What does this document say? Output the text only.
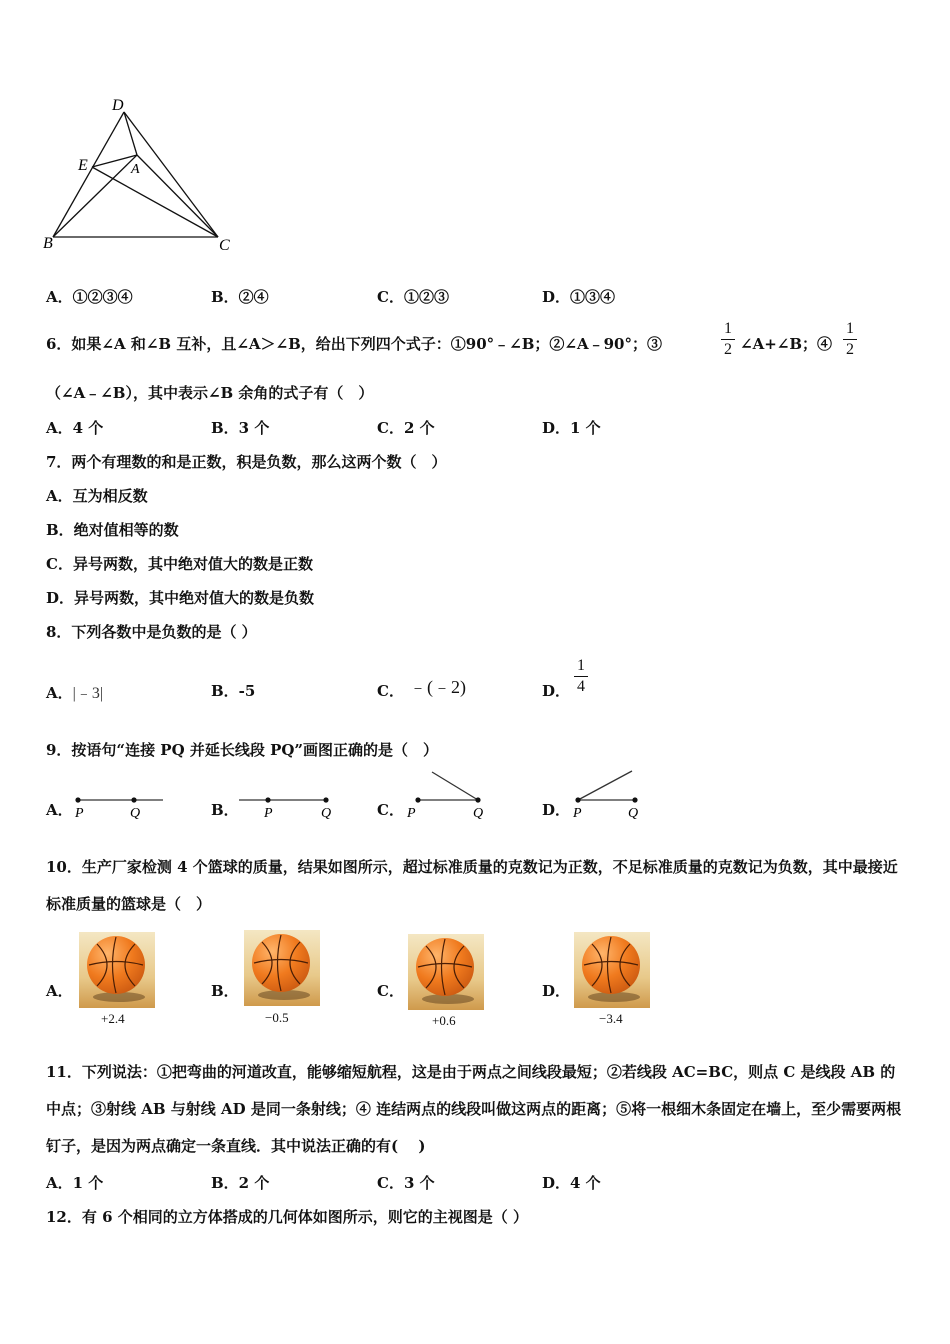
D
E	A
B	C
A．①②③④	B．②④	C．①②③	D．①③④
6．如果∠A 和∠B 互补，且∠A＞∠B，给出下列四个式子：①90°﹣∠B；②∠A﹣90°；③
1
2 ∠A+∠B；④
1
2
（∠A﹣∠B），其中表示∠B 余角的式子有（　）
A．4 个	B．3 个	C．2 个	D．1 个
7．两个有理数的和是正数，积是负数，那么这两个数（　）
A．互为相反数
B．绝对值相等的数
C．异号两数，其中绝对值大的数是正数
D．异号两数，其中绝对值大的数是负数
8．下列各数中是负数的是（ ）
A．|﹣3|	B．-5	C． ﹣(﹣2)	D．
1
4
9．按语句“连接 PQ 并延长线段 PQ”画图正确的是（　）
A． P	Q	B． P	Q	C． P	Q	D． P	Q
10．生产厂家检测 4 个篮球的质量，结果如图所示，超过标准质量的克数记为正数，不足标准质量的克数记为负数，其中最接近标准质量的篮球是（　）
A．
+2.4
B．
−0.5
C．
+0.6
D．
−3.4
11．下列说法：①把弯曲的河道改直，能够缩短航程，这是由于两点之间线段最短；②若线段 AC=BC，则点 C 是线段 AB 的中点；③射线 AB 与射线 AD 是同一条射线；④ 连结两点的线段叫做这两点的距离；⑤将一根细木条固定在墙上，至少需要两根钉子，是因为两点确定一条直线．其中说法正确的有(　 )
A．1 个	B．2 个	C．3 个	D．4 个
12．有 6 个相同的立方体搭成的几何体如图所示，则它的主视图是（ ）
